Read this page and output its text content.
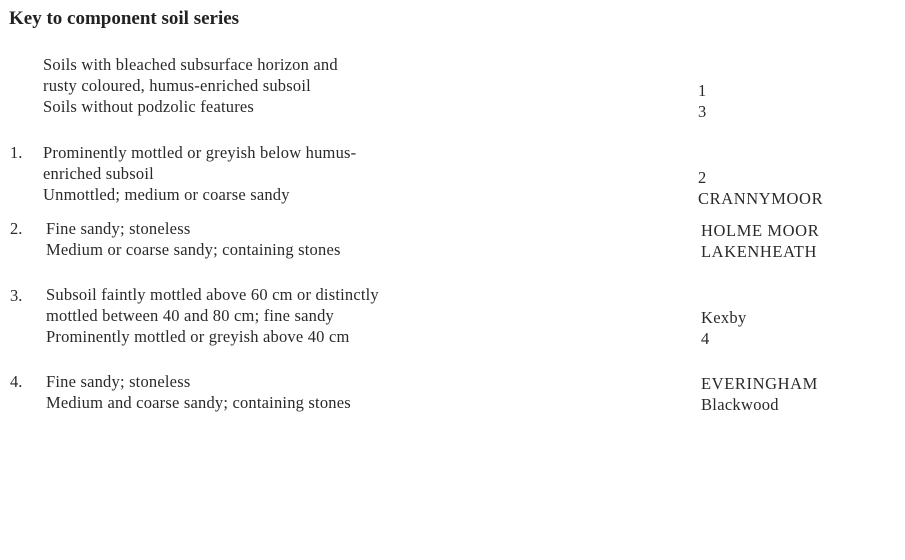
Key to component soil series
Soils with bleached subsurface horizon and
rusty coloured, humus-enriched subsoil
Soils without podzolic features
1
3
1. Prominently mottled or greyish below humus-
enriched subsoil
Unmottled; medium or coarse sandy
2
CRANNYMOOR
2. Fine sandy; stoneless
Medium or coarse sandy; containing stones
HOLME MOOR
LAKENHEATH
3. Subsoil faintly mottled above 60 cm or distinctly
mottled between 40 and 80 cm; fine sandy
Prominently mottled or greyish above 40 cm
Kexby
4
4. Fine sandy; stoneless
Medium and coarse sandy; containing stones
EVERINGHAM
Blackwood
